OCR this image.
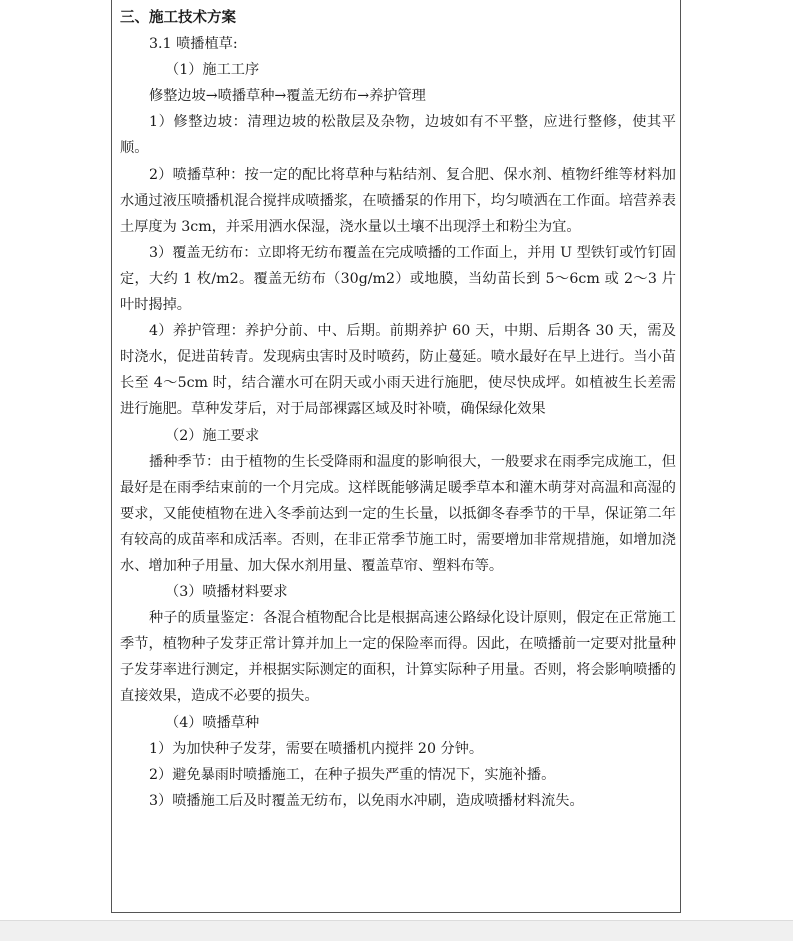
三、施工技术方案

3.1 喷播植草:

（1）施工工序

修整边坡→喷播草种→覆盖无纺布→养护管理

1）修整边坡：清理边坡的松散层及杂物，边坡如有不平整，应进行整修，使其平顺。

2）喷播草种：按一定的配比将草种与粘结剂、复合肥、保水剂、植物纤维等材料加水通过液压喷播机混合搅拌成喷播浆，在喷播泵的作用下，均匀喷洒在工作面。培营养表土厚度为 3cm，并采用洒水保湿，浇水量以土壤不出现浮土和粉尘为宜。

3）覆盖无纺布：立即将无纺布覆盖在完成喷播的工作面上，并用 U 型铁钉或竹钉固定，大约 1 枚/m2。覆盖无纺布（30g/m2）或地膜，当幼苗长到 5～6cm 或 2～3 片叶时揭掉。

4）养护管理：养护分前、中、后期。前期养护 60 天，中期、后期各 30 天，需及时浇水，促进苗转青。发现病虫害时及时喷药，防止蔓延。喷水最好在早上进行。当小苗长至 4～5cm 时，结合灌水可在阴天或小雨天进行施肥，使尽快成坪。如植被生长差需进行施肥。草种发芽后，对于局部裸露区域及时补喷，确保绿化效果

（2）施工要求

播种季节：由于植物的生长受降雨和温度的影响很大，一般要求在雨季完成施工，但最好是在雨季结束前的一个月完成。这样既能够满足暖季草本和灌木萌芽对高温和高湿的要求，又能使植物在进入冬季前达到一定的生长量，以抵御冬春季节的干旱，保证第二年有较高的成苗率和成活率。否则，在非正常季节施工时，需要增加非常规措施，如增加浇水、增加种子用量、加大保水剂用量、覆盖草帘、塑料布等。

（3）喷播材料要求

种子的质量鉴定：各混合植物配合比是根据高速公路绿化设计原则，假定在正常施工季节，植物种子发芽正常计算并加上一定的保险率而得。因此，在喷播前一定要对批量种子发芽率进行测定，并根据实际测定的面积，计算实际种子用量。否则，将会影响喷播的直接效果，造成不必要的损失。

（4）喷播草种

1）为加快种子发芽，需要在喷播机内搅拌 20 分钟。

2）避免暴雨时喷播施工，在种子损失严重的情况下，实施补播。

3）喷播施工后及时覆盖无纺布，以免雨水冲刷，造成喷播材料流失。
